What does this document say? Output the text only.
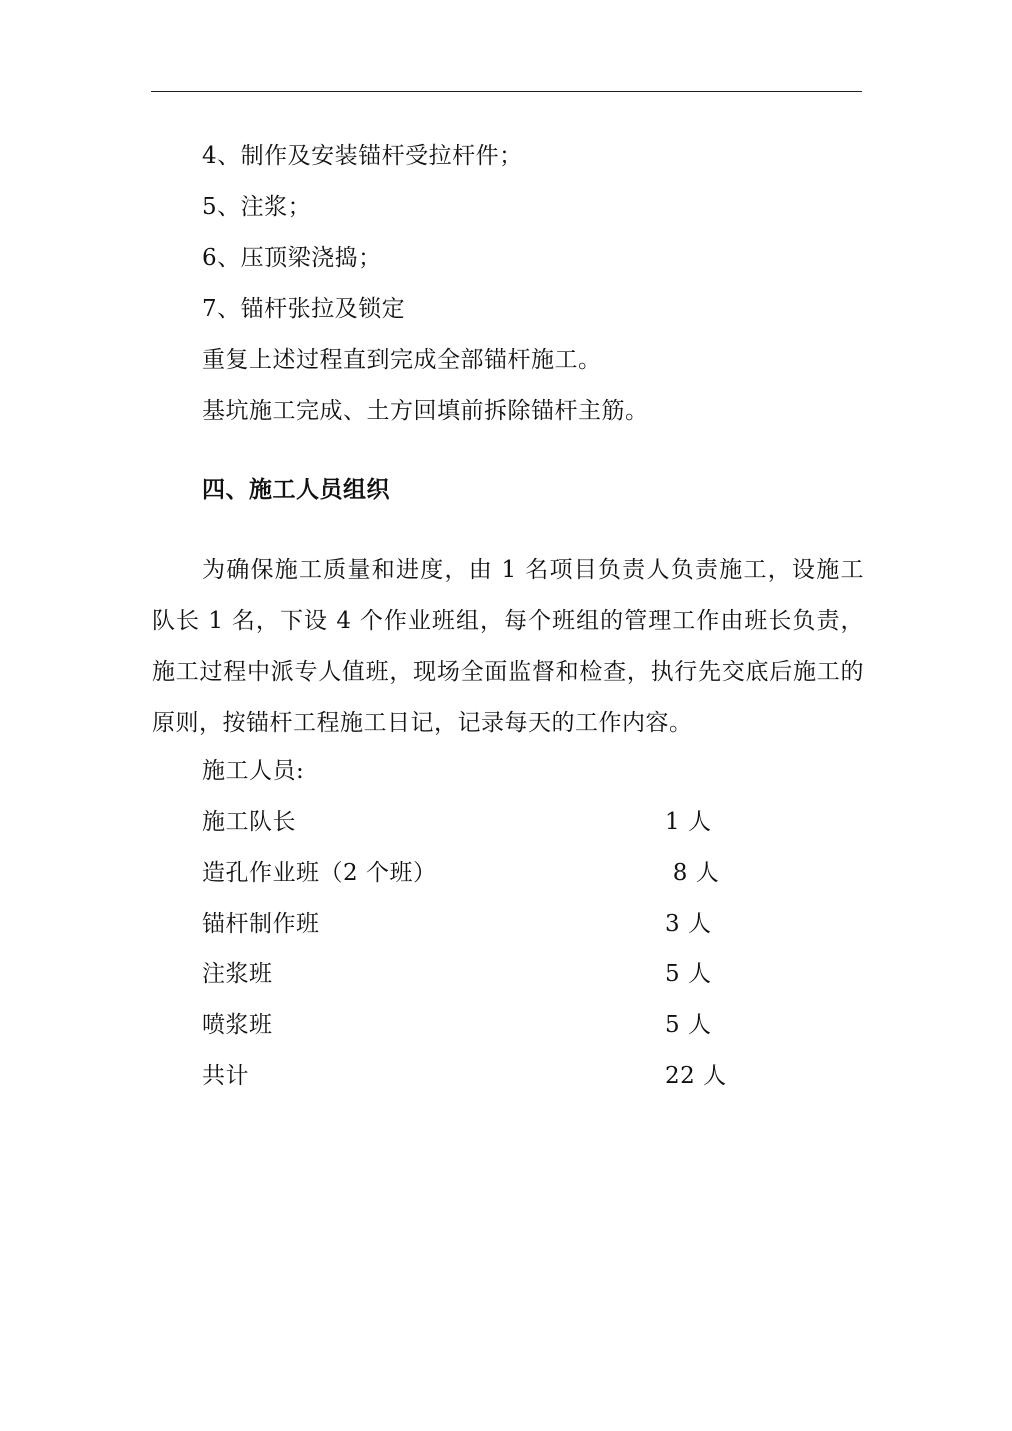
4、制作及安装锚杆受拉杆件；
5、注浆；
6、压顶梁浇捣；
7、锚杆张拉及锁定
重复上述过程直到完成全部锚杆施工。
基坑施工完成、土方回填前拆除锚杆主筋。
四、施工人员组织
为确保施工质量和进度，由 1 名项目负责人负责施工，设施工队长 1 名，下设 4 个作业班组，每个班组的管理工作由班长负责，施工过程中派专人值班，现场全面监督和检查，执行先交底后施工的原则，按锚杆工程施工日记，记录每天的工作内容。
施工人员:
施工队长	1 人
造孔作业班（2 个班）	8 人
锚杆制作班	3 人
注浆班	5 人
喷浆班	5 人
共计	22 人
